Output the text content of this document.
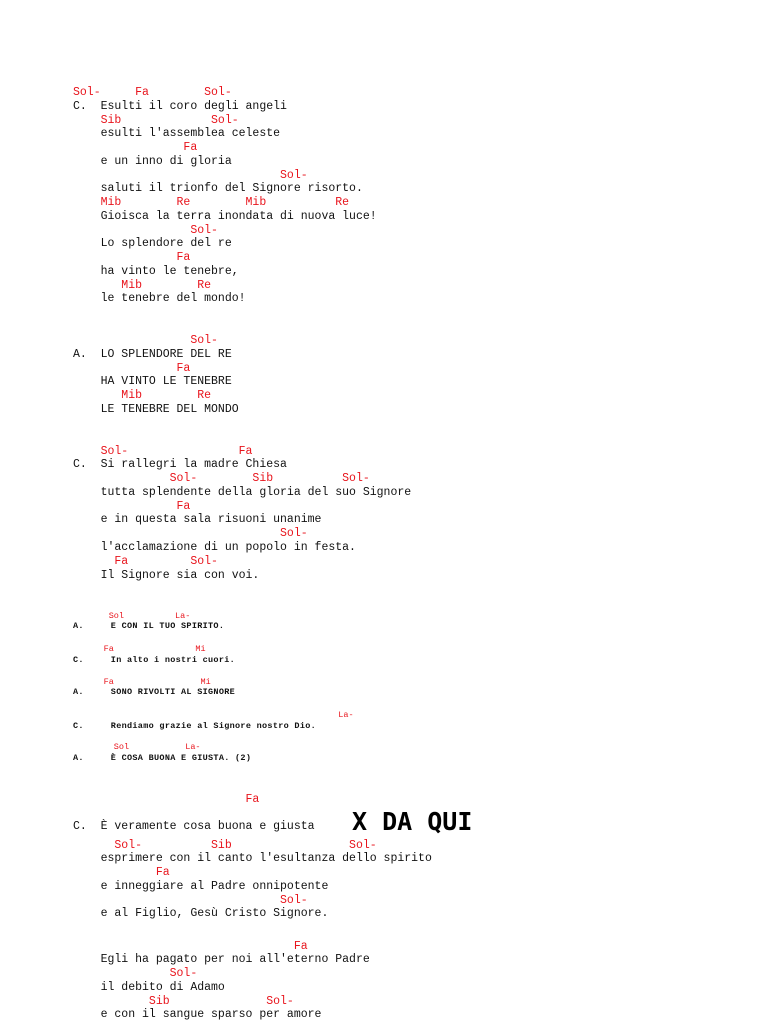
Sol-     Fa        Sol-
C.  Esulti il coro degli angeli
Sib             Sol-
esulti l'assemblea celeste
Fa
e un inno di gloria
Sol-
saluti il trionfo del Signore risorto.
Mib        Re        Mib          Re
Gioisca la terra inondata di nuova luce!
Sol-
Lo splendore del re
Fa
ha vinto le tenebre,
Mib        Re
le tenebre del mondo!
Sol-
A.  LO SPLENDORE DEL RE
Fa
HA VINTO LE TENEBRE
Mib        Re
LE TENEBRE DEL MONDO
Sol-                Fa
C.  Si rallegri la madre Chiesa
Sol-        Sib          Sol-
tutta splendente della gloria del suo Signore
Fa
e in questa sala risuoni unanime
Sol-
l'acclamazione di un popolo in festa.
Fa         Sol-
Il Signore sia con voi.
Sol          La-
A.     E CON IL TUO SPIRITO.
Fa                Mi
C.     In alto i nostri cuori.
Fa                 Mi
A.     SONO RIVOLTI AL SIGNORE
La-
C.     Rendiamo grazie al Signore nostro Dio.
Sol           La-
A.     È COSA BUONA E GIUSTA. (2)
Fa
C.  È veramente cosa buona e giusta X DA QUI
Sol-          Sib                 Sol-
esprimere con il canto l'esultanza dello spirito
Fa
e inneggiare al Padre onnipotente
Sol-
e al Figlio, Gesù Cristo Signore.
Fa
Egli ha pagato per noi all'eterno Padre
Sol-
il debito di Adamo
Sib              Sol-
e con il sangue sparso per amore
